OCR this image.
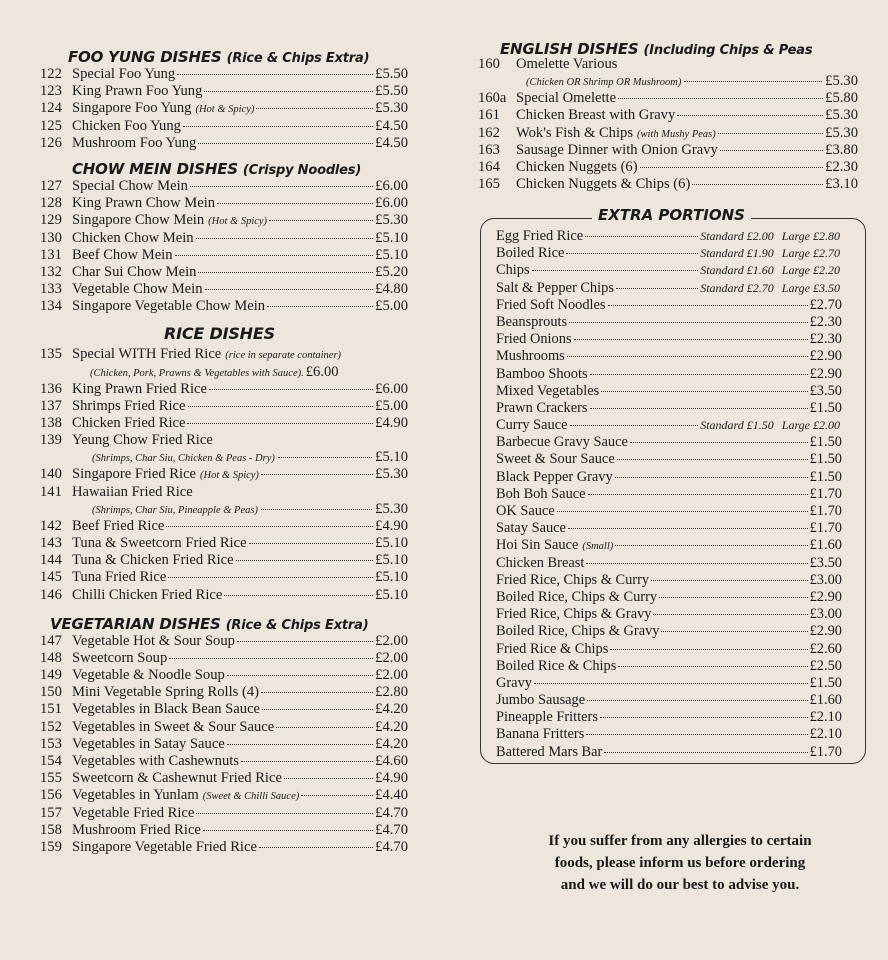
FOO YUNG DISHES (Rice & Chips Extra)
122 Special Foo Yung	£5.50
123 King Prawn Foo Yung	£5.50
124 Singapore Foo Yung (Hot & Spicy)	£5.30
125 Chicken Foo Yung	£4.50
126 Mushroom Foo Yung	£4.50
CHOW MEIN DISHES (Crispy Noodles)
127 Special Chow Mein	£6.00
128 King Prawn Chow Mein	£6.00
129 Singapore Chow Mein (Hot & Spicy)	£5.30
130 Chicken Chow Mein	£5.10
131 Beef Chow Mein	£5.10
132 Char Sui Chow Mein	£5.20
133 Vegetable Chow Mein	£4.80
134 Singapore Vegetable Chow Mein	£5.00
RICE DISHES
135 Special WITH Fried Rice (rice in separate container)
(Chicken, Pork, Prawns & Vegetables with Sauce). £6.00
136 King Prawn Fried Rice	£6.00
137 Shrimps Fried Rice	£5.00
138 Chicken Fried Rice	£4.90
139 Yeung Chow Fried Rice
(Shrimps, Char Siu, Chicken & Peas - Dry)	£5.10
140 Singapore Fried Rice (Hot & Spicy)	£5.30
141 Hawaiian Fried Rice
(Shrimps, Char Siu, Pineapple & Peas)	£5.30
142 Beef Fried Rice	£4.90
143 Tuna & Sweetcorn Fried Rice	£5.10
144 Tuna & Chicken Fried Rice	£5.10
145 Tuna Fried Rice	£5.10
146 Chilli Chicken Fried Rice	£5.10
VEGETARIAN DISHES (Rice & Chips Extra)
147 Vegetable Hot & Sour Soup	£2.00
148 Sweetcorn Soup	£2.00
149 Vegetable & Noodle Soup	£2.00
150 Mini Vegetable Spring Rolls (4)	£2.80
151 Vegetables in Black Bean Sauce	£4.20
152 Vegetables in Sweet & Sour Sauce	£4.20
153 Vegetables in Satay Sauce	£4.20
154 Vegetables with Cashewnuts	£4.60
155 Sweetcorn & Cashewnut Fried Rice	£4.90
156 Vegetables in Yunlam (Sweet & Chilli Sauce)	£4.40
157 Vegetable Fried Rice	£4.70
158 Mushroom Fried Rice	£4.70
159 Singapore Vegetable Fried Rice	£4.70
ENGLISH DISHES (Including Chips & Peas
160	Omelette Various
(Chicken OR Shrimp OR Mushroom)	£5.30
160a Special Omelette	£5.80
161	Chicken Breast with Gravy	£5.30
162	Wok's Fish & Chips (with Mushy Peas)	£5.30
163	Sausage Dinner with Onion Gravy	£3.80
164	Chicken Nuggets (6)	£2.30
165	Chicken Nuggets & Chips (6)	£3.10
EXTRA PORTIONS
Egg Fried Rice	Standard £2.00 Large £2.80
Boiled Rice	Standard £1.90 Large £2.70
Chips	Standard £1.60 Large £2.20
Salt & Pepper Chips	Standard £2.70 Large £3.50
Fried Soft Noodles	£2.70
Beansprouts	£2.30
Fried Onions	£2.30
Mushrooms	£2.90
Bamboo Shoots	£2.90
Mixed Vegetables	£3.50
Prawn Crackers	£1.50
Curry Sauce	Standard £1.50 Large £2.00
Barbecue Gravy Sauce	£1.50
Sweet & Sour Sauce	£1.50
Black Pepper Gravy	£1.50
Boh Boh Sauce	£1.70
OK Sauce	£1.70
Satay Sauce	£1.70
Hoi Sin Sauce (Small)	£1.60
Chicken Breast	£3.50
Fried Rice, Chips & Curry	£3.00
Boiled Rice, Chips & Curry	£2.90
Fried Rice, Chips & Gravy	£3.00
Boiled Rice, Chips & Gravy	£2.90
Fried Rice & Chips	£2.60
Boiled Rice & Chips	£2.50
Gravy	£1.50
Jumbo Sausage	£1.60
Pineapple Fritters	£2.10
Banana Fritters	£2.10
Battered Mars Bar	£1.70
If you suffer from any allergies to certain
foods, please inform us before ordering
and we will do our best to advise you.
